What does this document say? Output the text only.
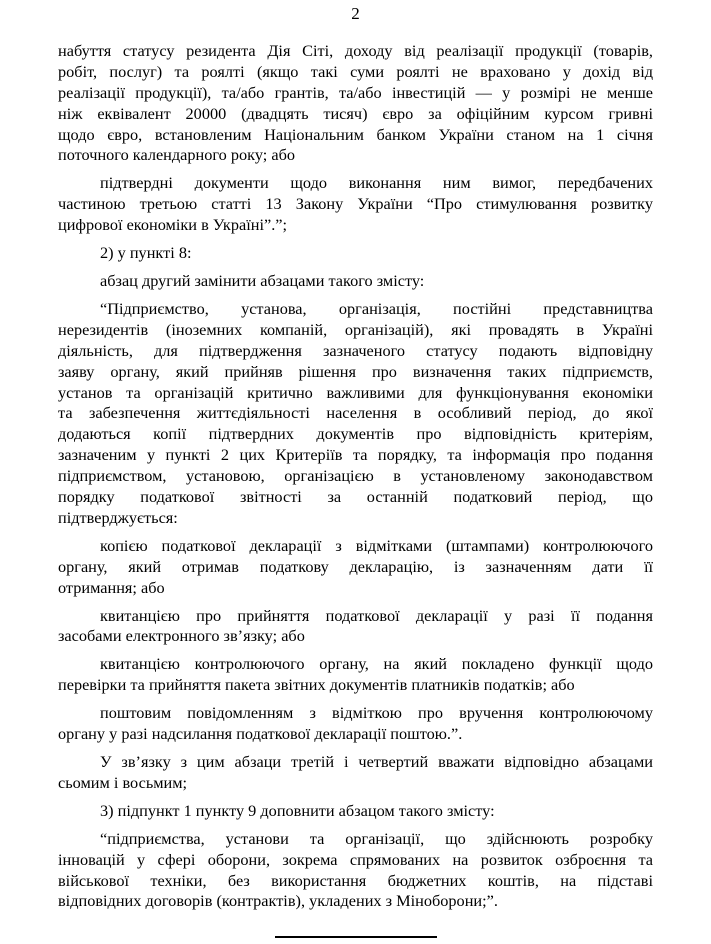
2

набуття статусу резидента Дія Сіті, доходу від реалізації продукції (товарів,
робіт, послуг) та роялті (якщо такі суми роялті не враховано у дохід від
реалізації продукції), та/або грантів, та/або інвестицій — у розмірі не менше
ніж еквівалент 20000 (двадцять тисяч) євро за офіційним курсом гривні
щодо євро, встановленим Національним банком України станом на 1 січня
поточного календарного року; або

підтвердні документи щодо виконання ним вимог, передбачених
частиною третьою статті 13 Закону України “Про стимулювання розвитку
цифрової економіки в Україні”.”;

2) у пункті 8:

абзац другий замінити абзацами такого змісту:

“Підприємство, установа, організація, постійні представництва
нерезидентів (іноземних компаній, організацій), які провадять в Україні
діяльність, для підтвердження зазначеного статусу подають відповідну
заяву органу, який прийняв рішення про визначення таких підприємств,
установ та організацій критично важливими для функціонування економіки
та забезпечення життєдіяльності населення в особливий період, до якої
додаються копії підтвердних документів про відповідність критеріям,
зазначеним у пункті 2 цих Критеріїв та порядку, та інформація про подання
підприємством, установою, організацією в установленому законодавством
порядку податкової звітності за останній податковий період, що
підтверджується:

копією податкової декларації з відмітками (штампами) контролюючого
органу, який отримав податкову декларацію, із зазначенням дати її
отримання; або

квитанцією про прийняття податкової декларації у разі її подання
засобами електронного зв’язку; або

квитанцією контролюючого органу, на який покладено функції щодо
перевірки та прийняття пакета звітних документів платників податків; або

поштовим повідомленням з відміткою про вручення контролюючому
органу у разі надсилання податкової декларації поштою.”.

У зв’язку з цим абзаци третій і четвертий вважати відповідно абзацами
сьомим і восьмим;

3) підпункт 1 пункту 9 доповнити абзацом такого змісту:

“підприємства, установи та організації, що здійснюють розробку
інновацій у сфері оборони, зокрема спрямованих на розвиток озброєння та
військової техніки, без використання бюджетних коштів, на підставі
відповідних договорів (контрактів), укладених з Міноборони;”.
